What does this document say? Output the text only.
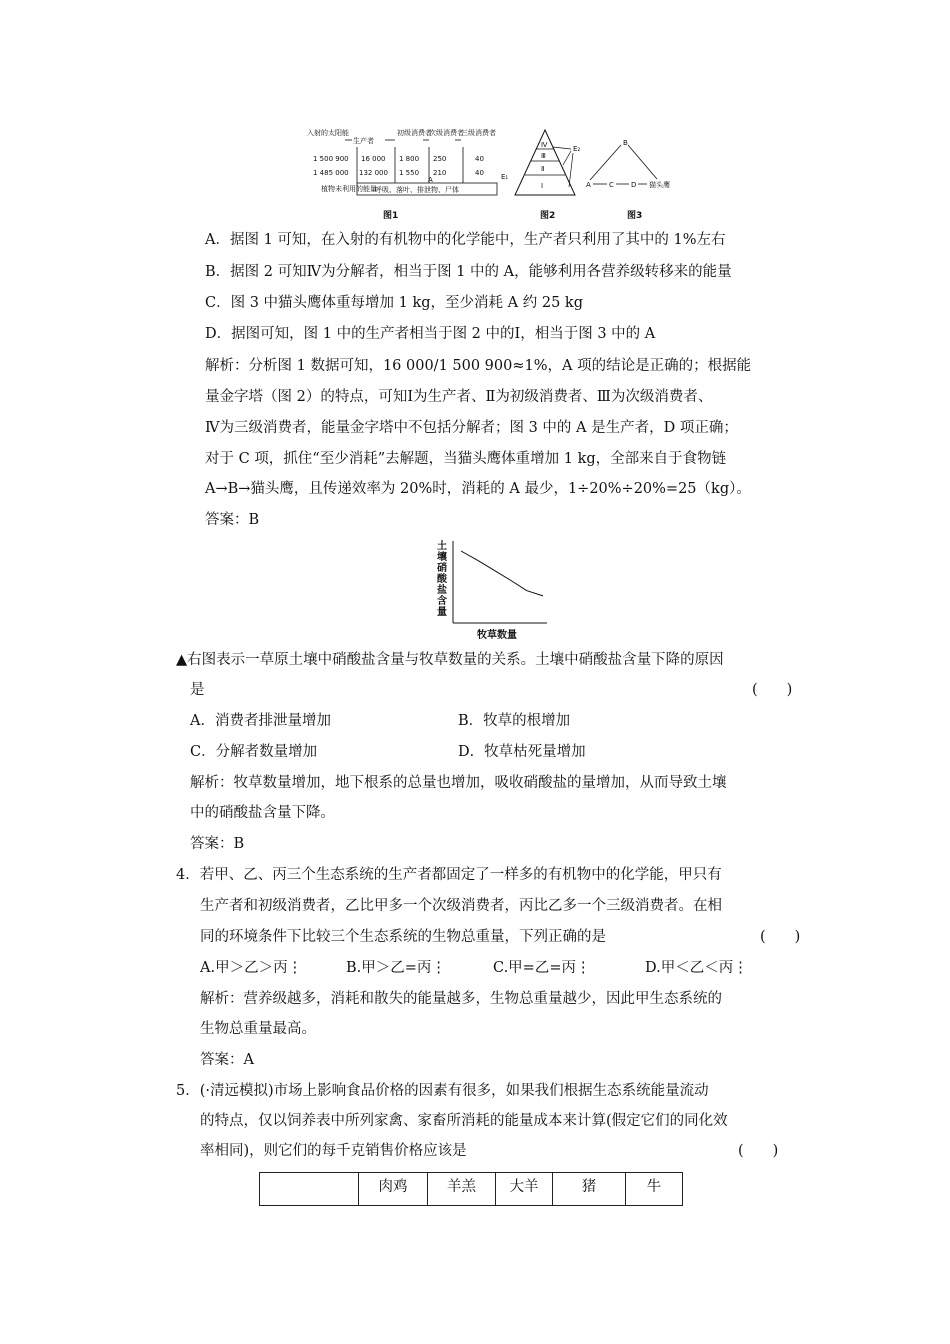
入射的太阳能
生产者
初级消费者
次级消费者
三级消费者
1 500 900 16 000 1 800 250	40
1 485 000 132 000 1 550 210	40
植物未利用的能量
A
呼吸、落叶、排泄物、尸体
Ⅳ
Ⅲ
Ⅱ
Ⅰ
E₁
E₂
B
A	C D 猫头鹰
图1	图2	图3
A．据图 1 可知，在入射的有机物中的化学能中，生产者只利用了其中的 1%左右
B．据图 2 可知Ⅳ为分解者，相当于图 1 中的 A，能够利用各营养级转移来的能量
C．图 3 中猫头鹰体重每增加 1 kg，至少消耗 A 约 25 kg
D．据图可知，图 1 中的生产者相当于图 2 中的Ⅰ，相当于图 3 中的 A
解析：分析图 1 数据可知，16 000/1 500 900≈1%，A 项的结论是正确的；根据能
量金字塔（图 2）的特点，可知Ⅰ为生产者、Ⅱ为初级消费者、Ⅲ为次级消费者、
Ⅳ为三级消费者，能量金字塔中不包括分解者；图 3 中的 A 是生产者，D 项正确；
对于 C 项，抓住“至少消耗”去解题，当猫头鹰体重增加 1 kg，全部来自于食物链
A→B→猫头鹰，且传递效率为 20%时，消耗的 A 最少，1÷20%÷20%=25（kg）。
答案：B
土
壤
硝
酸
盐
含
量
牧草数量
▲右图表示一草原土壤中硝酸盐含量与牧草数量的关系。土壤中硝酸盐含量下降的原因
是	(　　)
A．消费者排泄量增加	B．牧草的根增加
C．分解者数量增加	D．牧草枯死量增加
解析：牧草数量增加，地下根系的总量也增加，吸收硝酸盐的量增加，从而导致土壤
中的硝酸盐含量下降。
答案：B
4．若甲、乙、丙三个生态系统的生产者都固定了一样多的有机物中的化学能，甲只有
生产者和初级消费者，乙比甲多一个次级消费者，丙比乙多一个三级消费者。在相
同的环境条件下比较三个生态系统的生物总重量，下列正确的是	(　　)
A.甲＞乙＞丙⋮	B.甲＞乙=丙⋮	C.甲=乙=丙⋮	D.甲＜乙＜丙⋮
解析：营养级越多，消耗和散失的能量越多，生物总重量越少，因此甲生态系统的
生物总重量最高。
答案：A
5．(·清远模拟)市场上影响食品价格的因素有很多，如果我们根据生态系统能量流动
的特点，仅以饲养表中所列家禽、家畜所消耗的能量成本来计算(假定它们的同化效
率相同)，则它们的每千克销售价格应该是	(　　)
	肉鸡	羊羔	大羊	猪	牛
